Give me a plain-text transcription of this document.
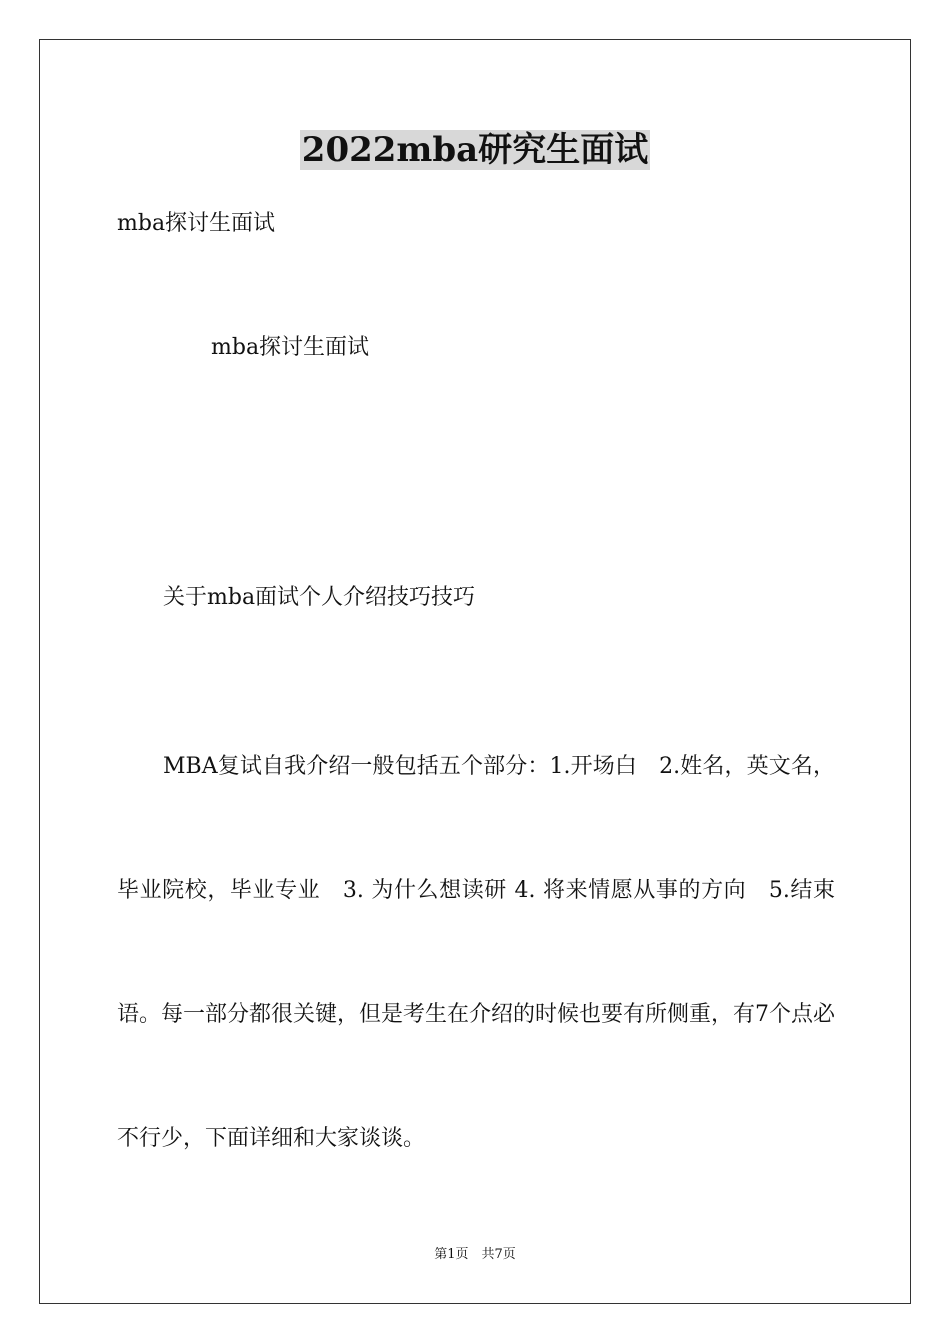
2022mba研究生面试
mba探讨生面试
mba探讨生面试
关于mba面试个人介绍技巧技巧
MBA复试自我介绍一般包括五个部分：1.开场白　2.姓名，英文名，毕业院校，毕业专业　3. 为什么想读研 4. 将来情愿从事的方向　5.结束语。每一部分都很关键，但是考生在介绍的时候也要有所侧重，有7个点必不行少，下面详细和大家谈谈。
第1页　共7页
